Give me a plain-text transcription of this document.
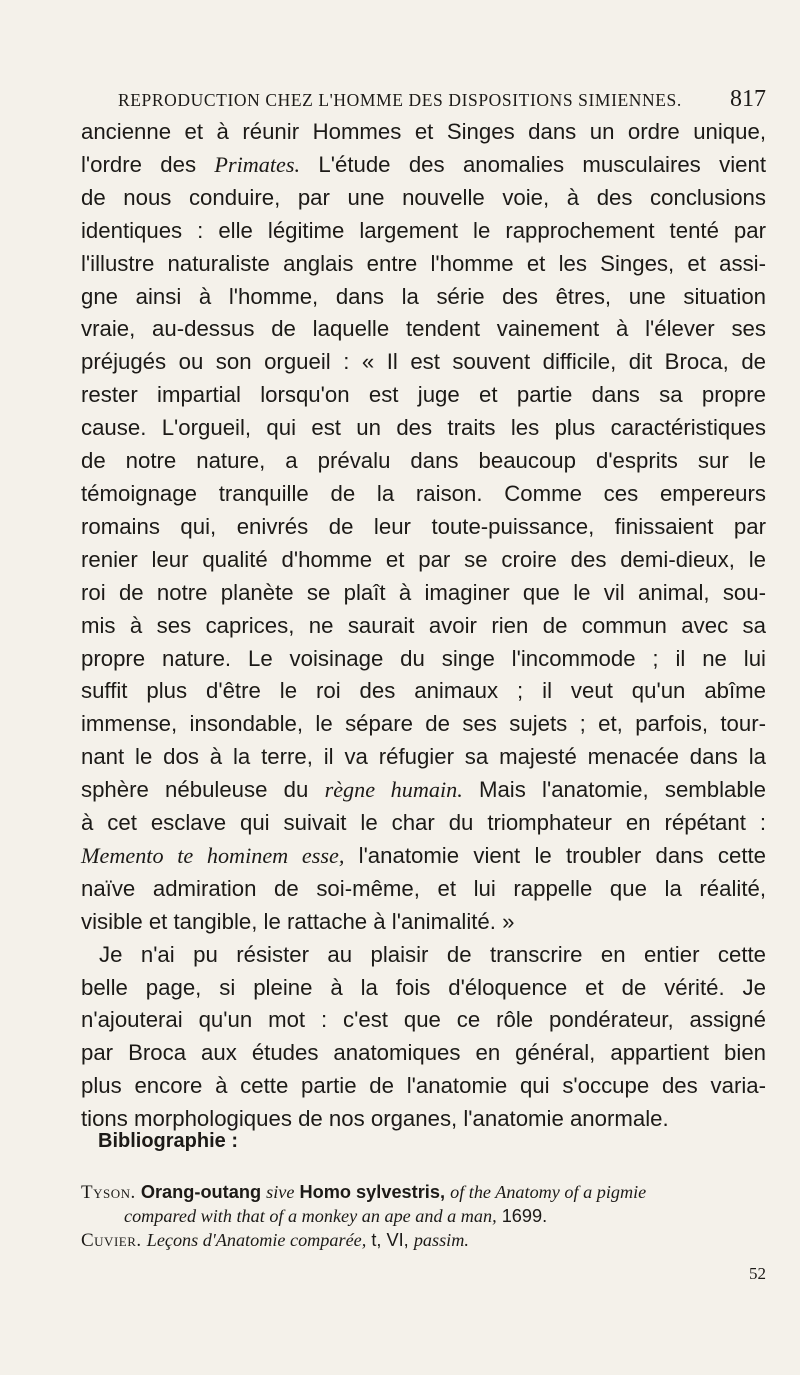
REPRODUCTION CHEZ L'HOMME DES DISPOSITIONS SIMIENNES. 817
ancienne et à réunir Hommes et Singes dans un ordre unique,
l'ordre des Primates. L'étude des anomalies musculaires vient
de nous conduire, par une nouvelle voie, à des conclusions
identiques : elle légitime largement le rapprochement tenté par
l'illustre naturaliste anglais entre l'homme et les Singes, et assi-
gne ainsi à l'homme, dans la série des êtres, une situation
vraie, au-dessus de laquelle tendent vainement à l'élever ses
préjugés ou son orgueil : « Il est souvent difficile, dit Broca, de
rester impartial lorsqu'on est juge et partie dans sa propre
cause. L'orgueil, qui est un des traits les plus caractéristiques
de notre nature, a prévalu dans beaucoup d'esprits sur le
témoignage tranquille de la raison. Comme ces empereurs
romains qui, enivrés de leur toute-puissance, finissaient par
renier leur qualité d'homme et par se croire des demi-dieux, le
roi de notre planète se plaît à imaginer que le vil animal, sou-
mis à ses caprices, ne saurait avoir rien de commun avec sa
propre nature. Le voisinage du singe l'incommode ; il ne lui
suffit plus d'être le roi des animaux ; il veut qu'un abîme
immense, insondable, le sépare de ses sujets ; et, parfois, tour-
nant le dos à la terre, il va réfugier sa majesté menacée dans la
sphère nébuleuse du règne humain. Mais l'anatomie, semblable
à cet esclave qui suivait le char du triomphateur en répétant :
Memento te hominem esse, l'anatomie vient le troubler dans cette
naïve admiration de soi-même, et lui rappelle que la réalité,
visible et tangible, le rattache à l'animalité. »
Je n'ai pu résister au plaisir de transcrire en entier cette
belle page, si pleine à la fois d'éloquence et de vérité. Je
n'ajouterai qu'un mot : c'est que ce rôle pondérateur, assigné
par Broca aux études anatomiques en général, appartient bien
plus encore à cette partie de l'anatomie qui s'occupe des varia-
tions morphologiques de nos organes, l'anatomie anormale.
Bibliographie :
Tyson. Orang-outang sive Homo sylvestris, of the Anatomy of a pigmie
compared with that of a monkey an ape and a man, 1699.
Cuvier. Leçons d'Anatomie comparée, t, VI, passim.
52
